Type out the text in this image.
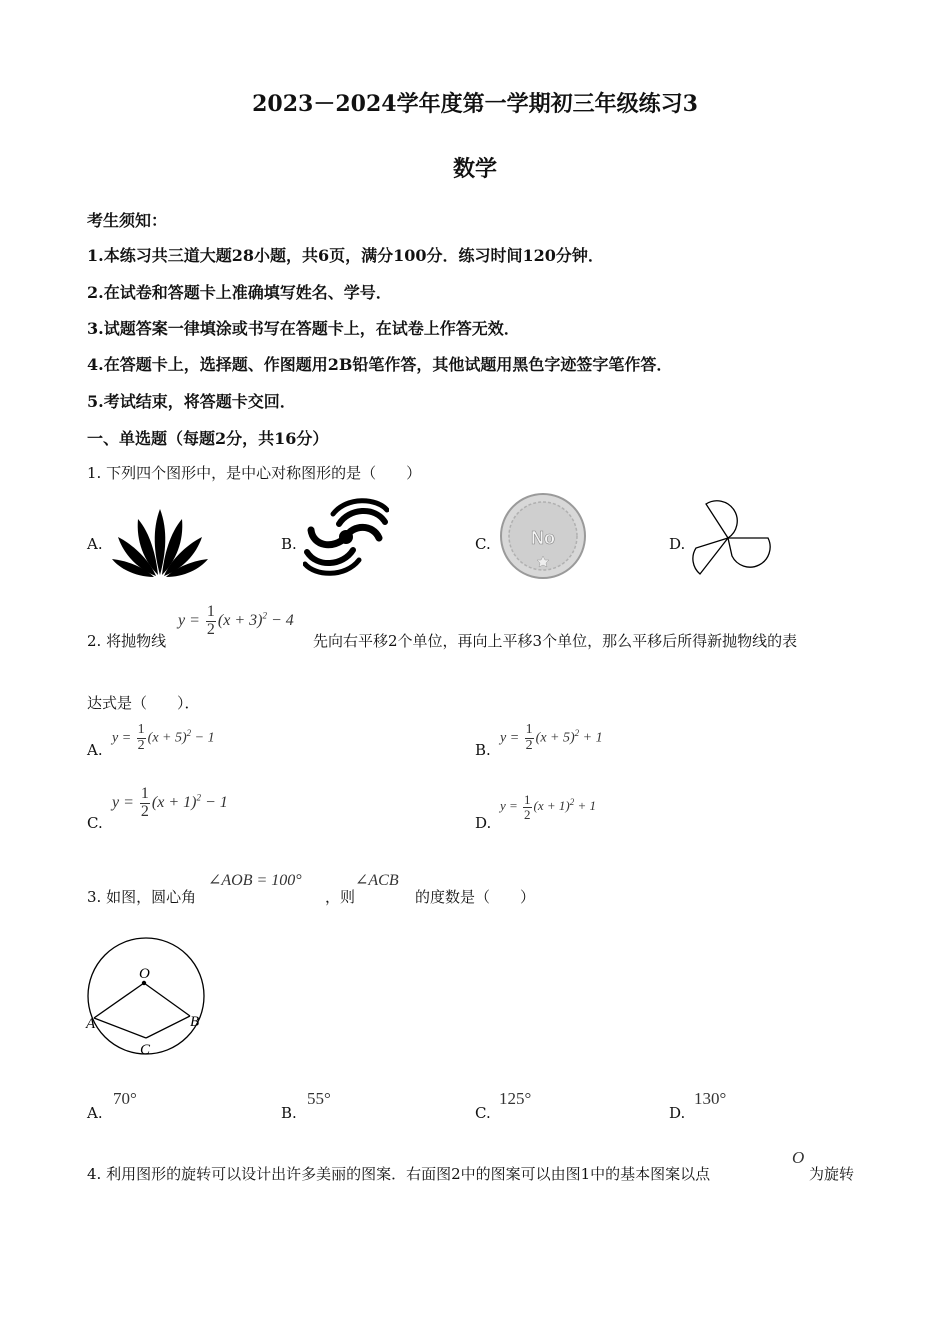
2023－2024学年度第一学期初三年级练习3
数学
考生须知：
1.本练习共三道大题28小题，共6页，满分100分．练习时间120分钟．
2.在试卷和答题卡上准确填写姓名、学号．
3.试题答案一律填涂或书写在答题卡上，在试卷上作答无效．
4.在答题卡上，选择题、作图题用2B铅笔作答，其他试题用黑色字迹签字笔作答．
5.考试结束，将答题卡交回．
一、单选题（每题2分，共16分）
1. 下列四个图形中，是中心对称图形的是（　　）
A.	B.	C. No	D.
2. 将抛物线
$y = \frac{1}{2} (x + 3)^2 - 4$
先向右平移2个单位，再向上平移3个单位，那么平移后所得新抛物线的表
达式是（　　）．
A.
$y = \frac{1}{2} (x + 5)^2 - 1$
B.
$y = \frac{1}{2} (x + 5)^2 + 1$
C.
$y = \frac{1}{2} (x + 1)^2 - 1$
D.
$y = \frac{1}{2} (x + 1)^2 + 1$
3. 如图，圆心角
∠AOB = 100°
，则
∠ACB
的度数是（　　）
O
A	B
C
A.
70°
B.
55°
C.
125°
D.
130°
4. 利用图形的旋转可以设计出许多美丽的图案．右面图2中的图案可以由图1中的基本图案以点
O
为旋转
